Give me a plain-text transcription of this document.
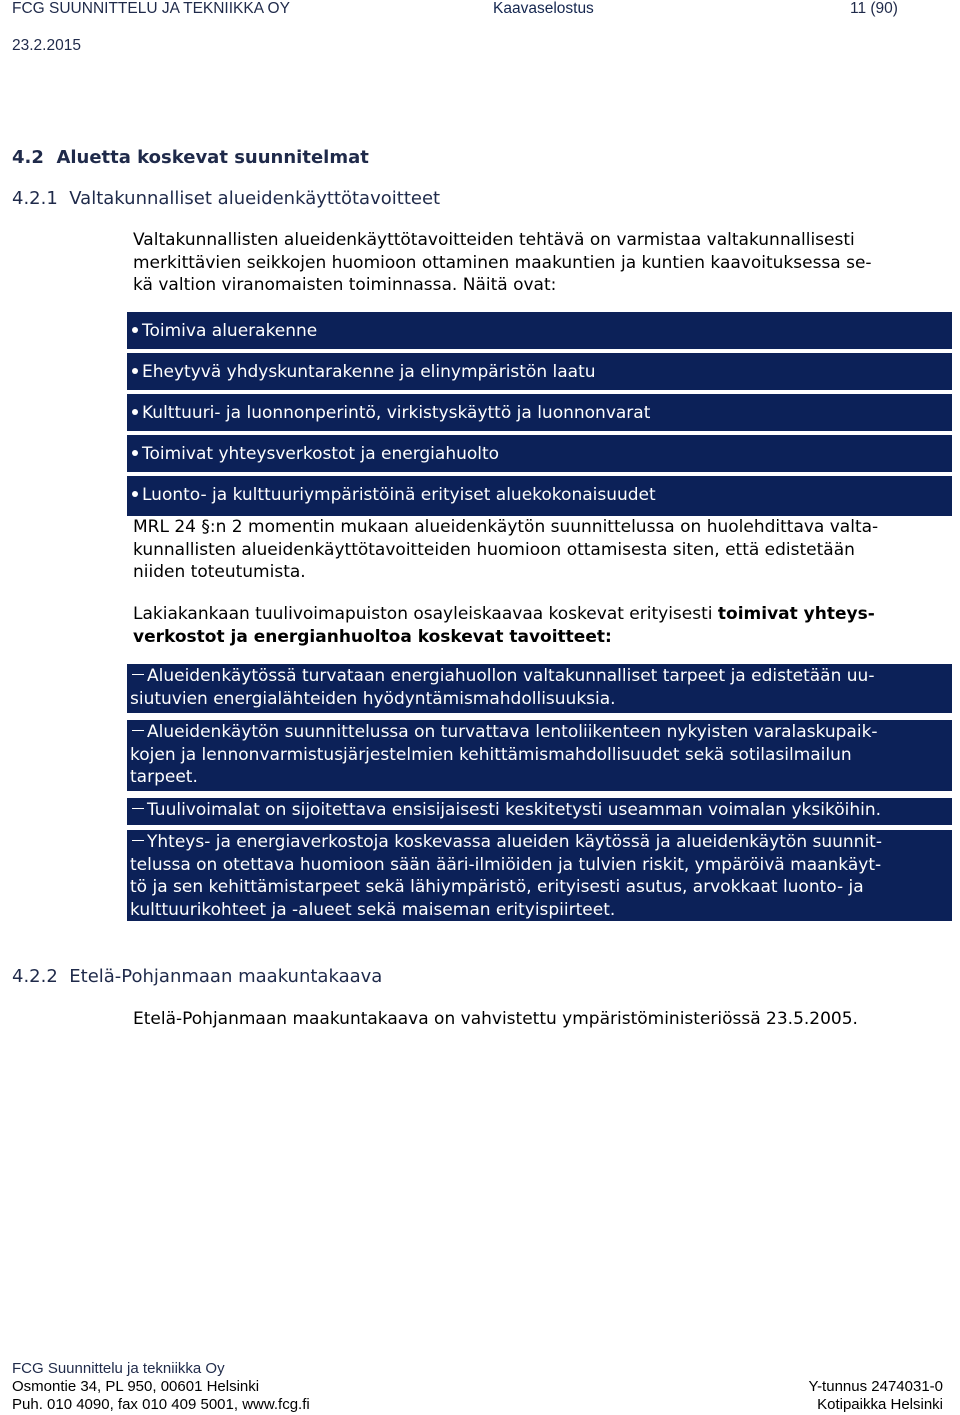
FCG SUUNNITTELU JA TEKNIIKKA OY	Kaavaselostus	11 (90)
23.2.2015
4.2 Aluetta koskevat suunnitelmat
4.2.1 Valtakunnalliset alueidenkäyttötavoitteet
Valtakunnallisten alueidenkäyttötavoitteiden tehtävä on varmistaa valtakunnallisesti
merkittävien seikkojen huomioon ottaminen maakuntien ja kuntien kaavoituksessa se-
kä valtion viranomaisten toiminnassa. Näitä ovat:
Toimiva aluerakenne
Eheytyvä yhdyskuntarakenne ja elinympäristön laatu
Kulttuuri- ja luonnonperintö, virkistyskäyttö ja luonnonvarat
Toimivat yhteysverkostot ja energiahuolto
Luonto- ja kulttuuriympäristöinä erityiset aluekokonaisuudet
MRL 24 §:n 2 momentin mukaan alueidenkäytön suunnittelussa on huolehdittava valta-
kunnallisten alueidenkäyttötavoitteiden huomioon ottamisesta siten, että edistetään
niiden toteutumista.
Lakiakankaan tuulivoimapuiston osayleiskaavaa koskevat erityisesti toimivat yhteys-
verkostot ja energianhuoltoa koskevat tavoitteet:
Alueidenkäytössä turvataan energiahuollon valtakunnalliset tarpeet ja edistetään uu-
siutuvien energialähteiden hyödyntämismahdollisuuksia.
Alueidenkäytön suunnittelussa on turvattava lentoliikenteen nykyisten varalaskupaik-
kojen ja lennonvarmistusjärjestelmien kehittämismahdollisuudet sekä sotilasilmailun
tarpeet.
Tuulivoimalat on sijoitettava ensisijaisesti keskitetysti useamman voimalan yksiköihin.
Yhteys- ja energiaverkostoja koskevassa alueiden käytössä ja alueidenkäytön suunnit-
telussa on otettava huomioon sään ääri-ilmiöiden ja tulvien riskit, ympäröivä maankäyt-
tö ja sen kehittämistarpeet sekä lähiympäristö, erityisesti asutus, arvokkaat luonto- ja
kulttuurikohteet ja -alueet sekä maiseman erityispiirteet.
4.2.2 Etelä-Pohjanmaan maakuntakaava
Etelä-Pohjanmaan maakuntakaava on vahvistettu ympäristöministeriössä 23.5.2005.
FCG Suunnittelu ja tekniikka Oy
Osmontie 34, PL 950, 00601 Helsinki
Puh. 010 4090, fax 010 409 5001, www.fcg.fi
Y-tunnus 2474031-0
Kotipaikka Helsinki
